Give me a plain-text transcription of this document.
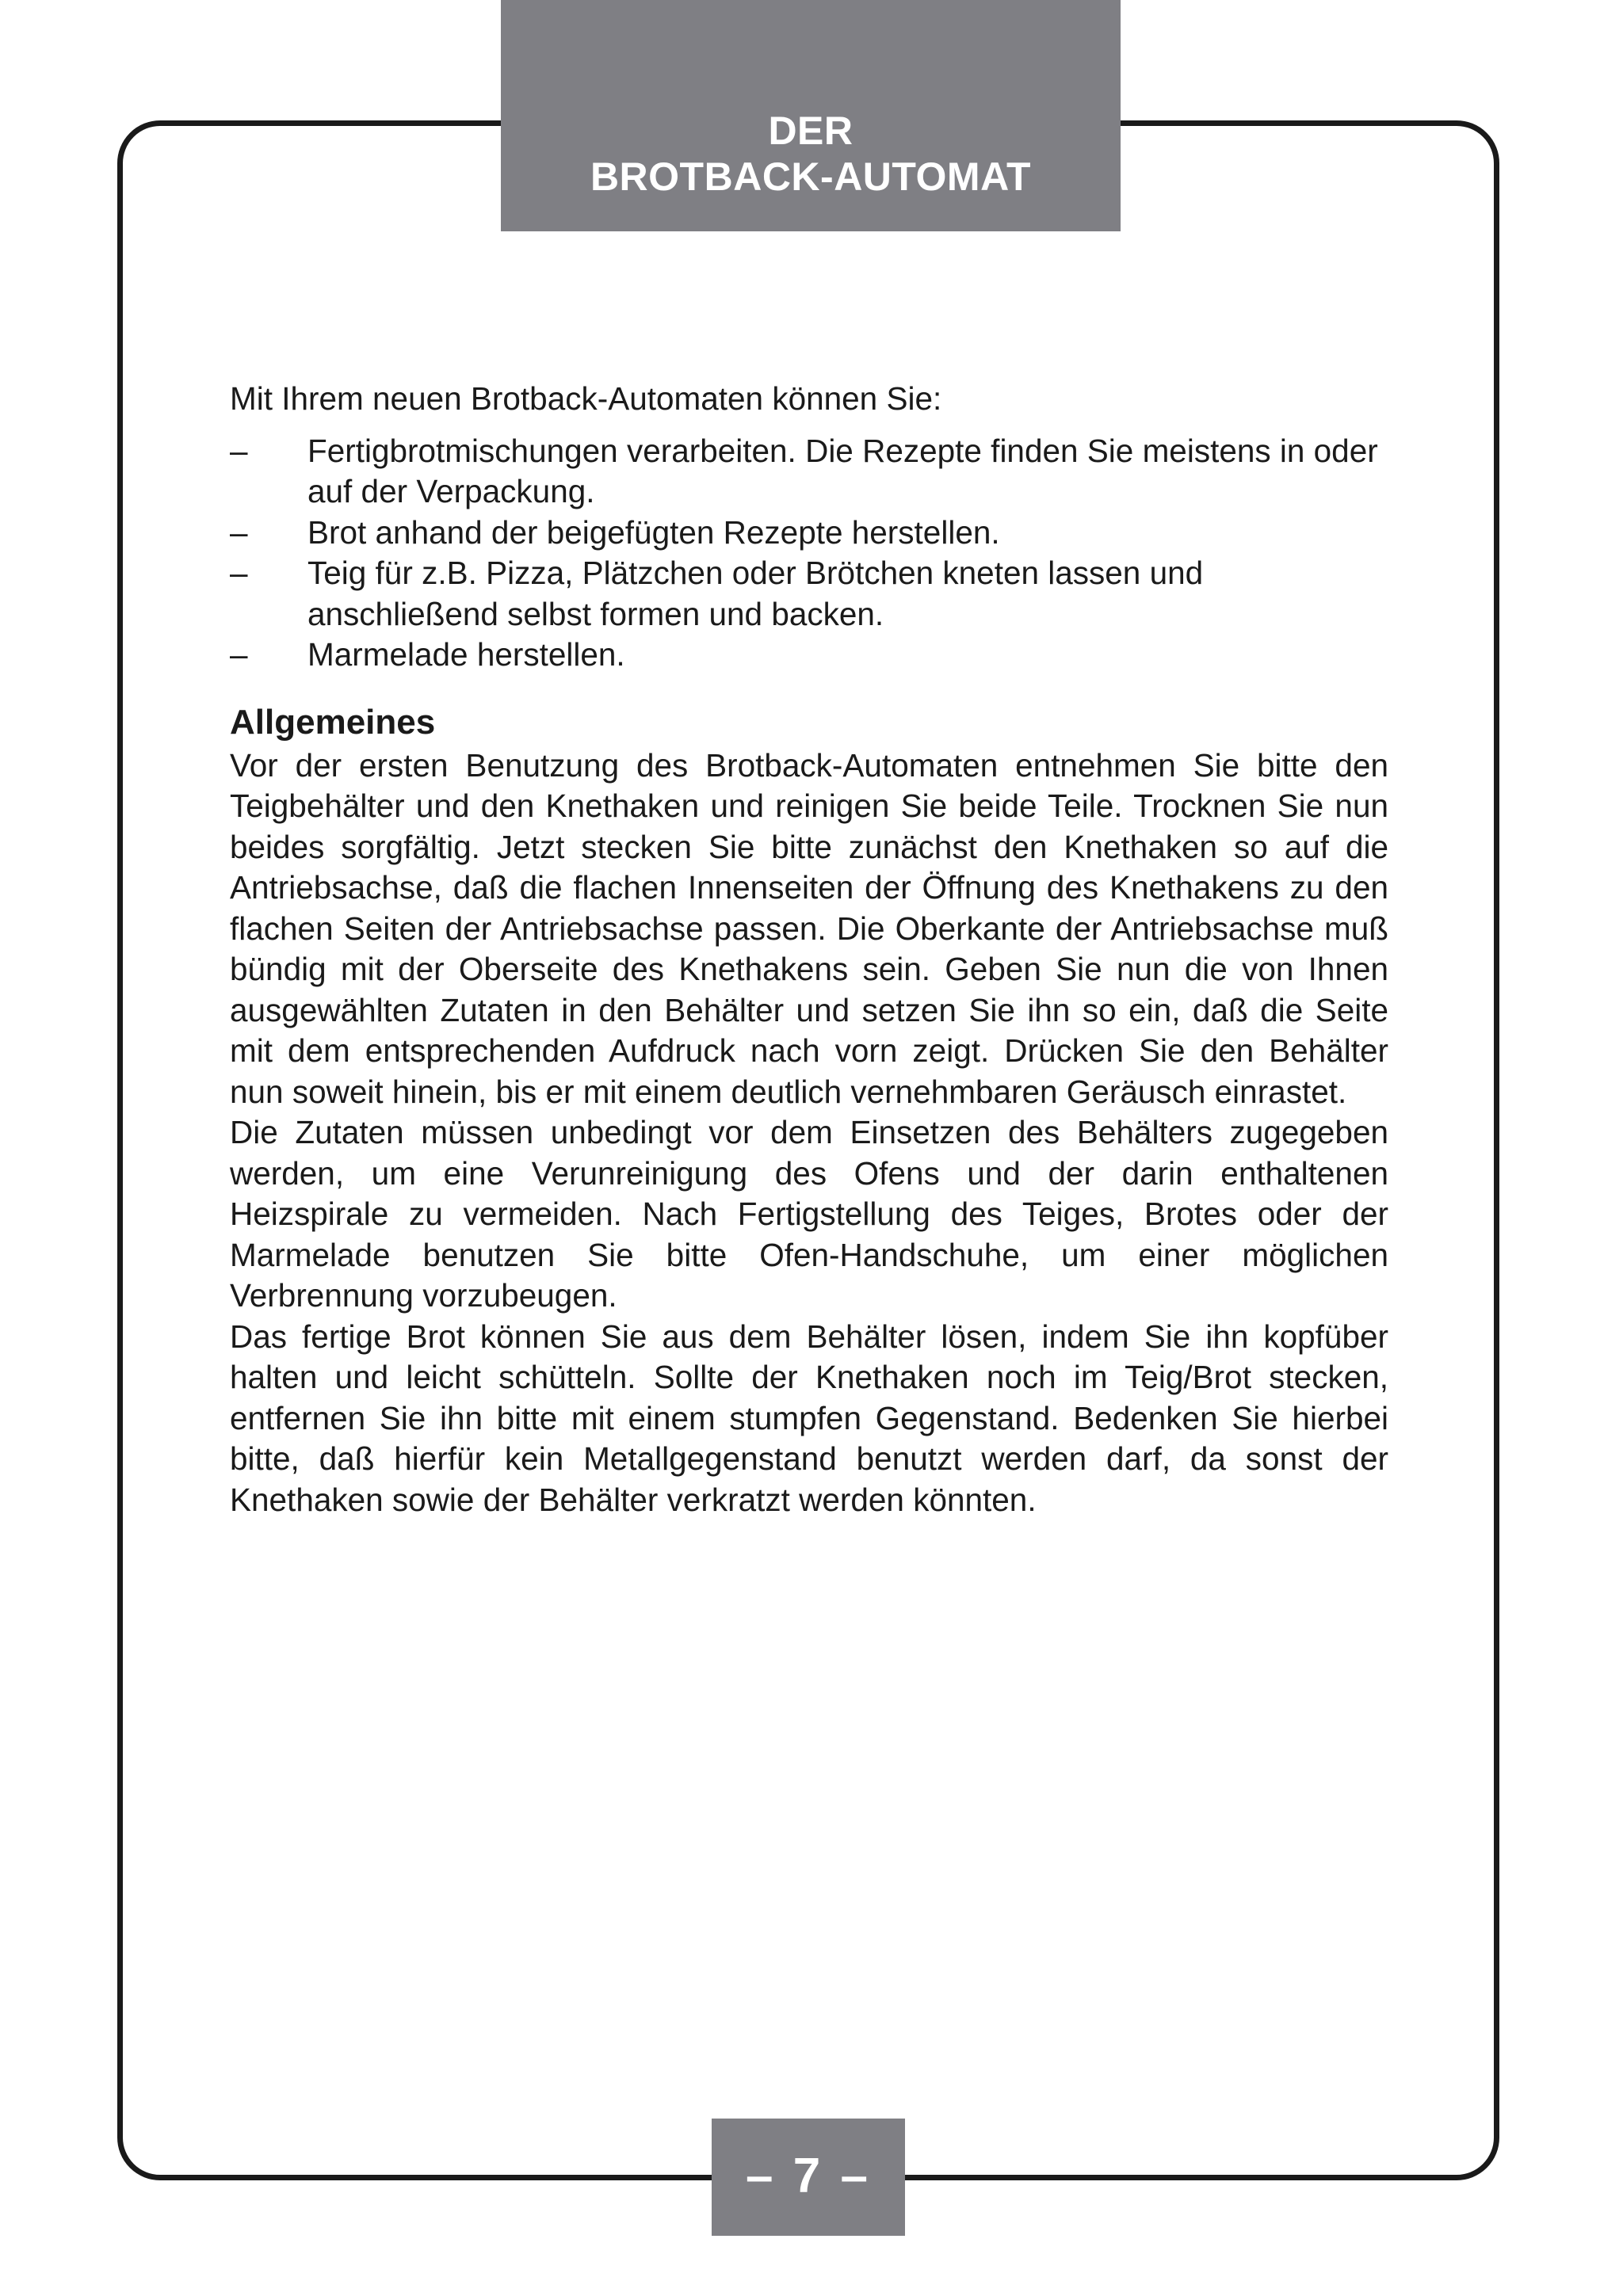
DER
BROTBACK-AUTOMAT

Mit Ihrem neuen Brotback-Automaten können Sie:

– Fertigbrotmischungen verarbeiten. Die Rezepte finden Sie meistens in oder auf der Verpackung.
– Brot anhand der beigefügten Rezepte herstellen.
– Teig für z.B. Pizza, Plätzchen oder Brötchen kneten lassen und anschließend selbst formen und backen.
– Marmelade herstellen.
Allgemeines

Vor der ersten Benutzung des Brotback-Automaten entnehmen Sie bitte den Teigbehälter und den Knethaken und reinigen Sie beide Teile. Trocknen Sie nun beides sorgfältig. Jetzt stecken Sie bitte zunächst den Knethaken so auf die Antriebsachse, daß die flachen Innenseiten der Öffnung des Knethakens zu den flachen Seiten der Antriebsachse passen. Die Oberkante der Antriebsachse muß bündig mit der Oberseite des Knethakens sein. Geben Sie nun die von Ihnen ausgewählten Zutaten in den Behälter und setzen Sie ihn so ein, daß die Seite mit dem entsprechenden Aufdruck nach vorn zeigt. Drücken Sie den Behälter nun soweit hinein, bis er mit einem deutlich vernehmbaren Geräusch einrastet.

Die Zutaten müssen unbedingt vor dem Einsetzen des Behälters zugegeben werden, um eine Verunreinigung des Ofens und der darin enthaltenen Heizspirale zu vermeiden. Nach Fertigstellung des Teiges, Brotes oder der Marmelade benutzen Sie bitte Ofen-Handschuhe, um einer möglichen Verbrennung vorzubeugen.

Das fertige Brot können Sie aus dem Behälter lösen, indem Sie ihn kopfüber halten und leicht schütteln. Sollte der Knethaken noch im Teig/Brot stecken, entfernen Sie ihn bitte mit einem stumpfen Gegenstand. Bedenken Sie hierbei bitte, daß hierfür kein Metallgegenstand benutzt werden darf, da sonst der Knethaken sowie der Behälter verkratzt werden könnten.

– 7 –
